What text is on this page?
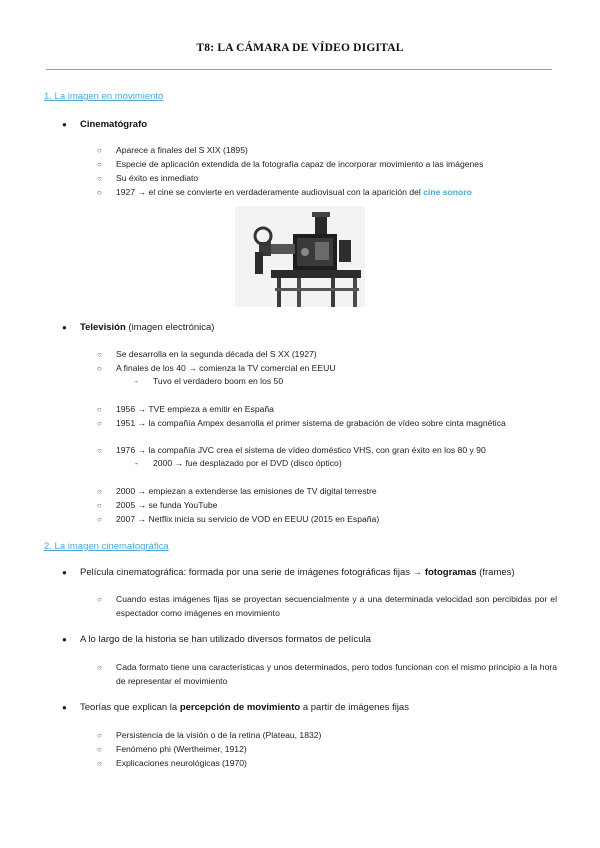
T8: LA CÁMARA DE VÍDEO DIGITAL
1. La imagen en movimiento
● Cinematógrafo
○ Aparece a finales del S XIX (1895)
○ Especie de aplicación extendida de la fotografía capaz de incorporar movimiento a las imágenes
○ Su éxito es inmediato
○ 1927 → el cine se convierte en verdaderamente audiovisual con la aparición del cine sonoro
● Televisión (imagen electrónica)
○ Se desarrolla en la segunda década del S XX (1927)
○ A finales de los 40 → comienza la TV comercial en EEUU
- Tuvo el verdadero boom en los 50
○ 1956 → TVE empieza a emitir en España
○ 1951 → la compañía Ampex desarrolla el primer sistema de grabación de vídeo sobre cinta magnética
○ 1976 → la compañía JVC crea el sistema de vídeo doméstico VHS, con gran éxito en los 80 y 90
- 2000 → fue desplazado por el DVD (disco óptico)
○ 2000 → empiezan a extenderse las emisiones de TV digital terrestre
○ 2005 → se funda YouTube
○ 2007 → Netflix inicia su servicio de VOD en EEUU (2015 en España)
2. La imagen cinematográfica
● Película cinematográfica: formada por una serie de imágenes fotográficas fijas → fotogramas (frames)
○ Cuando estas imágenes fijas se proyectan secuencialmente y a una determinada velocidad son percibidas por el espectador como imágenes en movimiento
● A lo largo de la historia se han utilizado diversos formatos de película
○ Cada formato tiene una características y unos determinados, pero todos funcionan con el mismo principio a la hora de representar el movimiento
● Teorías que explican la percepción de movimiento a partir de imágenes fijas
○ Persistencia de la visión o de la retina (Plateau, 1832)
○ Fenómeno phi (Wertheimer, 1912)
○ Explicaciones neurológicas (1970)
